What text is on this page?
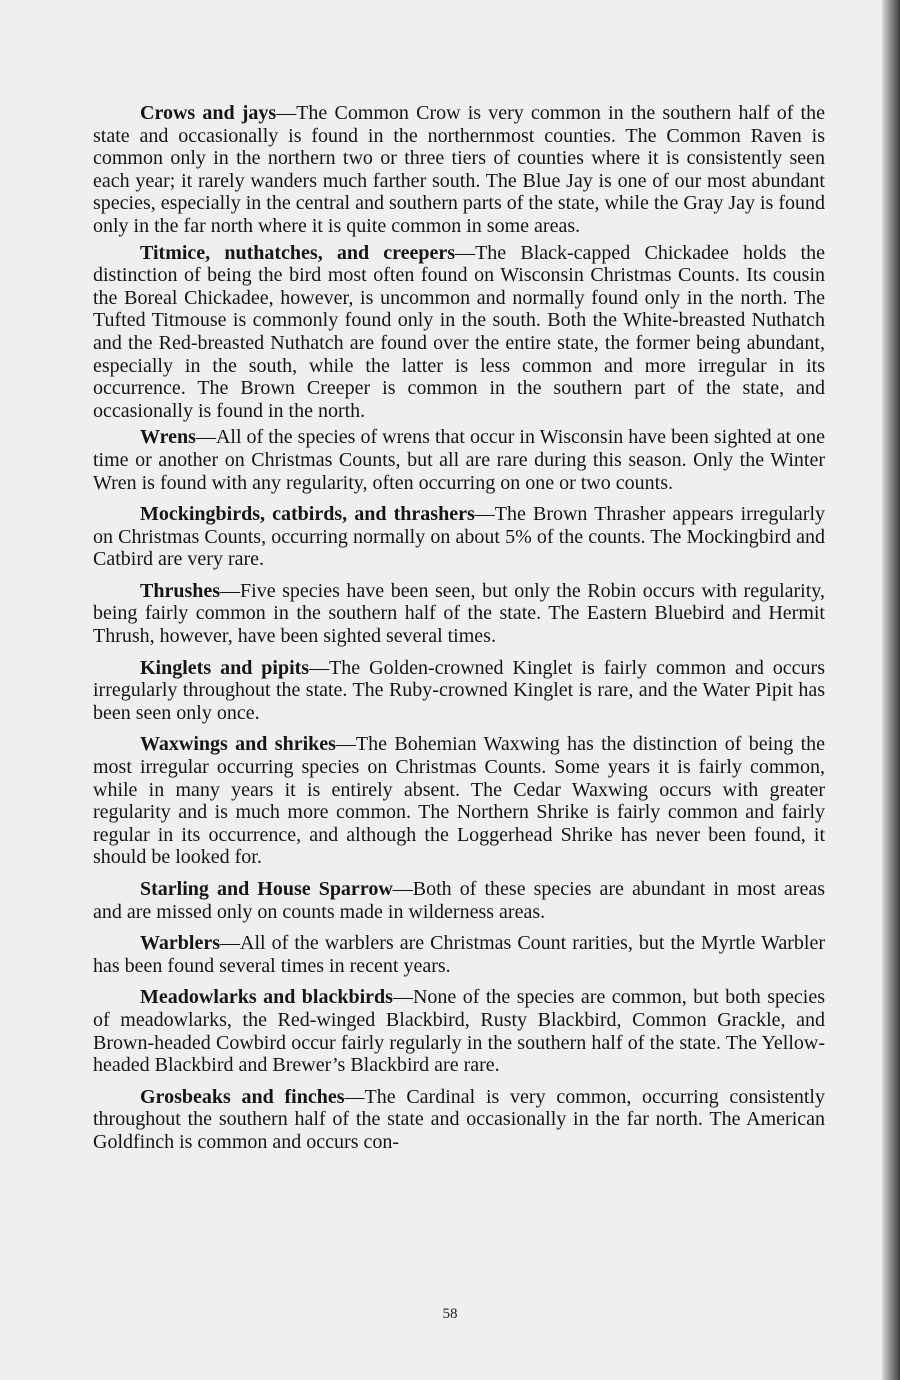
Crows and jays—The Common Crow is very common in the southern half of the state and occasionally is found in the northernmost counties. The Common Raven is common only in the northern two or three tiers of counties where it is consistently seen each year; it rarely wanders much farther south. The Blue Jay is one of our most abundant species, especially in the central and southern parts of the state, while the Gray Jay is found only in the far north where it is quite common in some areas.

Titmice, nuthatches, and creepers—The Black-capped Chickadee holds the distinction of being the bird most often found on Wisconsin Christmas Counts. Its cousin the Boreal Chickadee, however, is uncommon and normally found only in the north. The Tufted Titmouse is commonly found only in the south. Both the White-breasted Nuthatch and the Red-breasted Nuthatch are found over the entire state, the former being abundant, especially in the south, while the latter is less common and more irregular in its occurrence. The Brown Creeper is common in the southern part of the state, and occasionally is found in the north.

Wrens—All of the species of wrens that occur in Wisconsin have been sighted at one time or another on Christmas Counts, but all are rare during this season. Only the Winter Wren is found with any regularity, often occurring on one or two counts.

Mockingbirds, catbirds, and thrashers—The Brown Thrasher appears irregularly on Christmas Counts, occurring normally on about 5% of the counts. The Mockingbird and Catbird are very rare.

Thrushes—Five species have been seen, but only the Robin occurs with regularity, being fairly common in the southern half of the state. The Eastern Bluebird and Hermit Thrush, however, have been sighted several times.

Kinglets and pipits—The Golden-crowned Kinglet is fairly common and occurs irregularly throughout the state. The Ruby-crowned Kinglet is rare, and the Water Pipit has been seen only once.

Waxwings and shrikes—The Bohemian Waxwing has the distinction of being the most irregular occurring species on Christmas Counts. Some years it is fairly common, while in many years it is entirely absent. The Cedar Waxwing occurs with greater regularity and is much more common. The Northern Shrike is fairly common and fairly regular in its occurrence, and although the Loggerhead Shrike has never been found, it should be looked for.

Starling and House Sparrow—Both of these species are abundant in most areas and are missed only on counts made in wilderness areas.

Warblers—All of the warblers are Christmas Count rarities, but the Myrtle Warbler has been found several times in recent years.

Meadowlarks and blackbirds—None of the species are common, but both species of meadowlarks, the Red-winged Blackbird, Rusty Blackbird, Common Grackle, and Brown-headed Cowbird occur fairly regularly in the southern half of the state. The Yellow-headed Blackbird and Brewer’s Blackbird are rare.

Grosbeaks and finches—The Cardinal is very common, occurring consistently throughout the southern half of the state and occasionally in the far north. The American Goldfinch is common and occurs con-

58
